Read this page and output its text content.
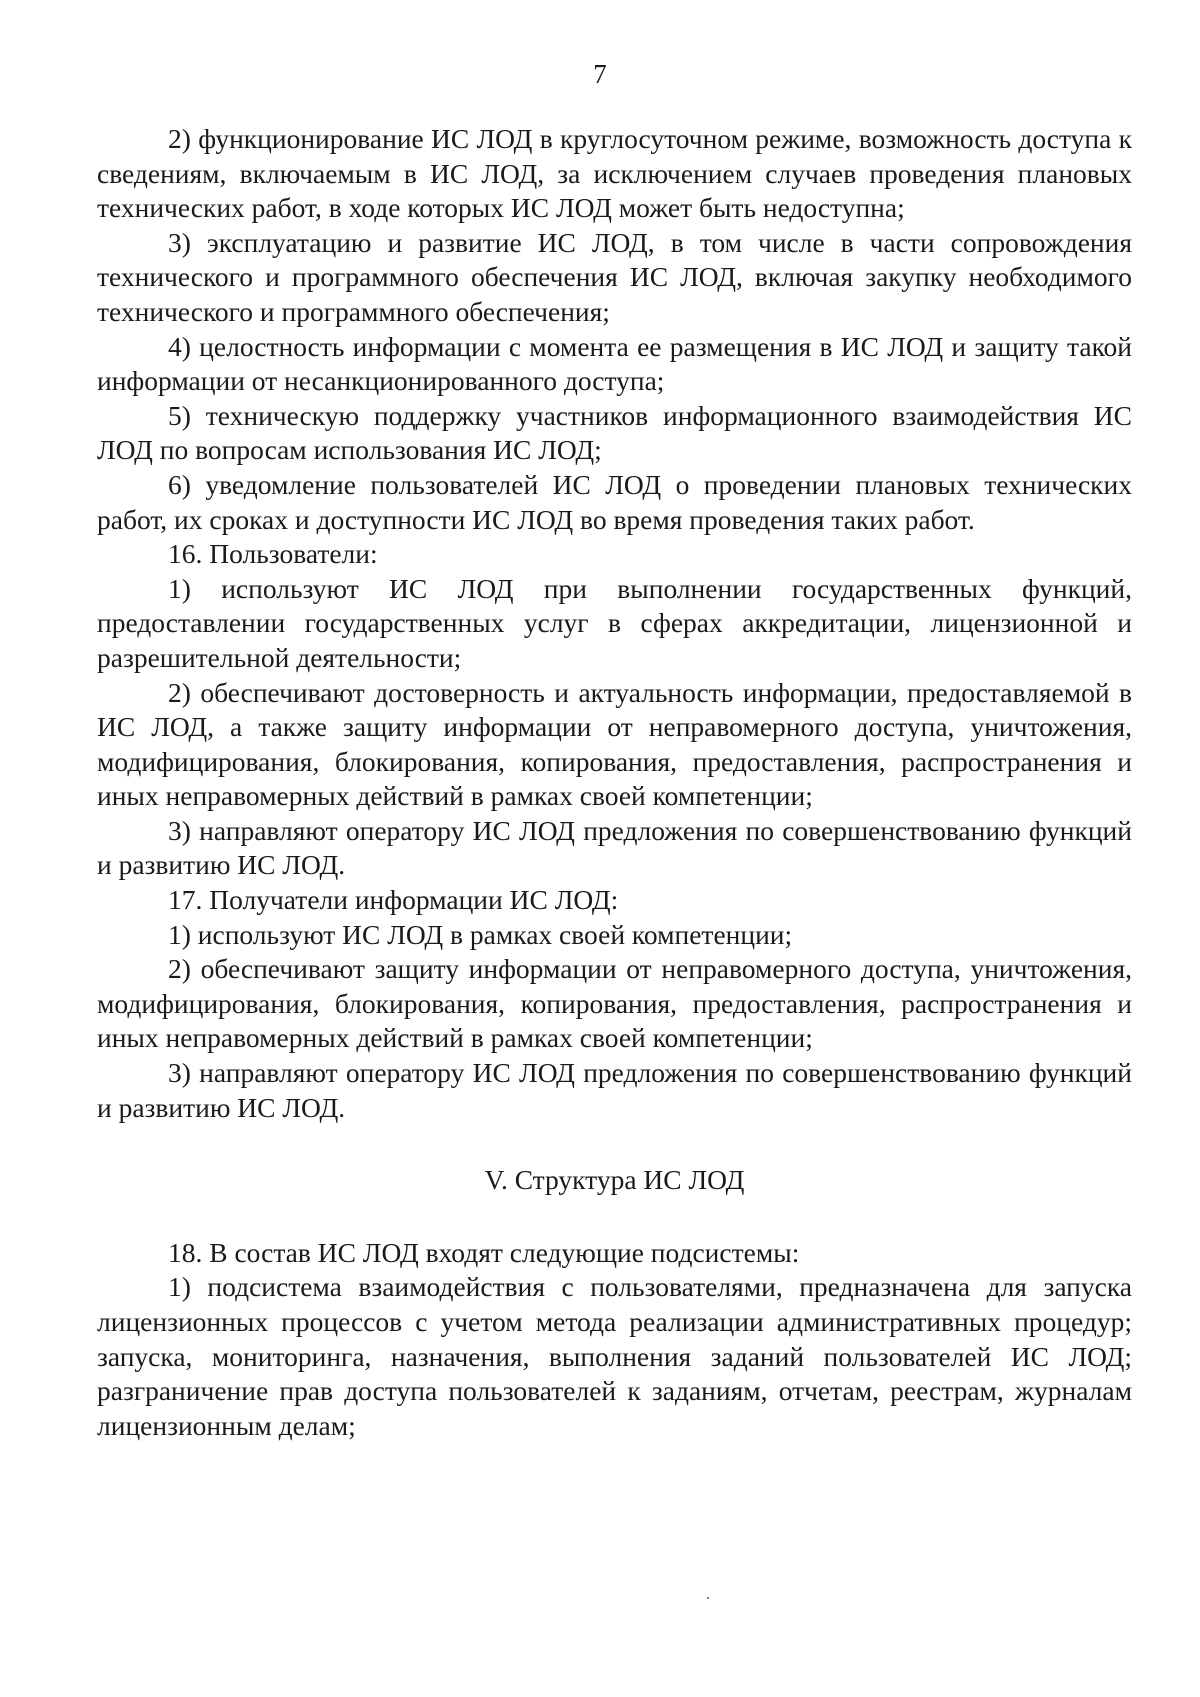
7

2) функционирование ИС ЛОД в круглосуточном режиме, возможность доступа к сведениям, включаемым в ИС ЛОД, за исключением случаев проведения плановых технических работ, в ходе которых ИС ЛОД может быть недоступна;

3) эксплуатацию и развитие ИС ЛОД, в том числе в части сопровождения технического и программного обеспечения ИС ЛОД, включая закупку необходимого технического и программного обеспечения;

4) целостность информации с момента ее размещения в ИС ЛОД и защиту такой информации от несанкционированного доступа;

5) техническую поддержку участников информационного взаимодействия ИС ЛОД по вопросам использования ИС ЛОД;

6) уведомление пользователей ИС ЛОД о проведении плановых технических работ, их сроках и доступности ИС ЛОД во время проведения таких работ.

16. Пользователи:

1) используют ИС ЛОД при выполнении государственных функций, предоставлении государственных услуг в сферах аккредитации, лицензионной и разрешительной деятельности;

2) обеспечивают достоверность и актуальность информации, предоставляемой в ИС ЛОД, а также защиту информации от неправомерного доступа, уничтожения, модифицирования, блокирования, копирования, предоставления, распространения и иных неправомерных действий в рамках своей компетенции;

3) направляют оператору ИС ЛОД предложения по совершенствованию функций и развитию ИС ЛОД.

17. Получатели информации ИС ЛОД:

1) используют ИС ЛОД в рамках своей компетенции;

2) обеспечивают защиту информации от неправомерного доступа, уничтожения, модифицирования, блокирования, копирования, предоставления, распространения и иных неправомерных действий в рамках своей компетенции;

3) направляют оператору ИС ЛОД предложения по совершенствованию функций и развитию ИС ЛОД.

V. Структура ИС ЛОД

18. В состав ИС ЛОД входят следующие подсистемы:

1) подсистема взаимодействия с пользователями, предназначена для запуска лицензионных процессов с учетом метода реализации административных процедур; запуска, мониторинга, назначения, выполнения заданий пользователей ИС ЛОД; разграничение прав доступа пользователей к заданиям, отчетам, реестрам, журналам лицензионным делам;
